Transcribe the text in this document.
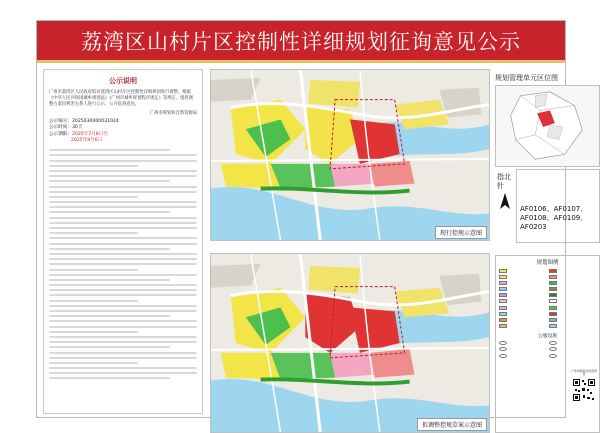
荔湾区山村片区控制性详细规划征询意见公示
公示说明
广州市荔湾区人民政府拟对荔湾区山村片区控制性详细规划进行调整。根据《中华人民共和国城乡规划法》《广州市城乡规划程序规定》等规定，现将调整方案向利害关系人进行公示，公开征询意见。
广州市规划和自然资源局
公示编号：2025030000031024
公示时间：30天
公示期限：2025年7月8日至
2025年8月6日
现行控规示意图
拟调整控规草案示意图
规划管理单元区位图
指北针
AF0106、AF0107、
AF0108、AF0109、
AF0203
规划图例
公服设施
广州市规划和自然资源局
